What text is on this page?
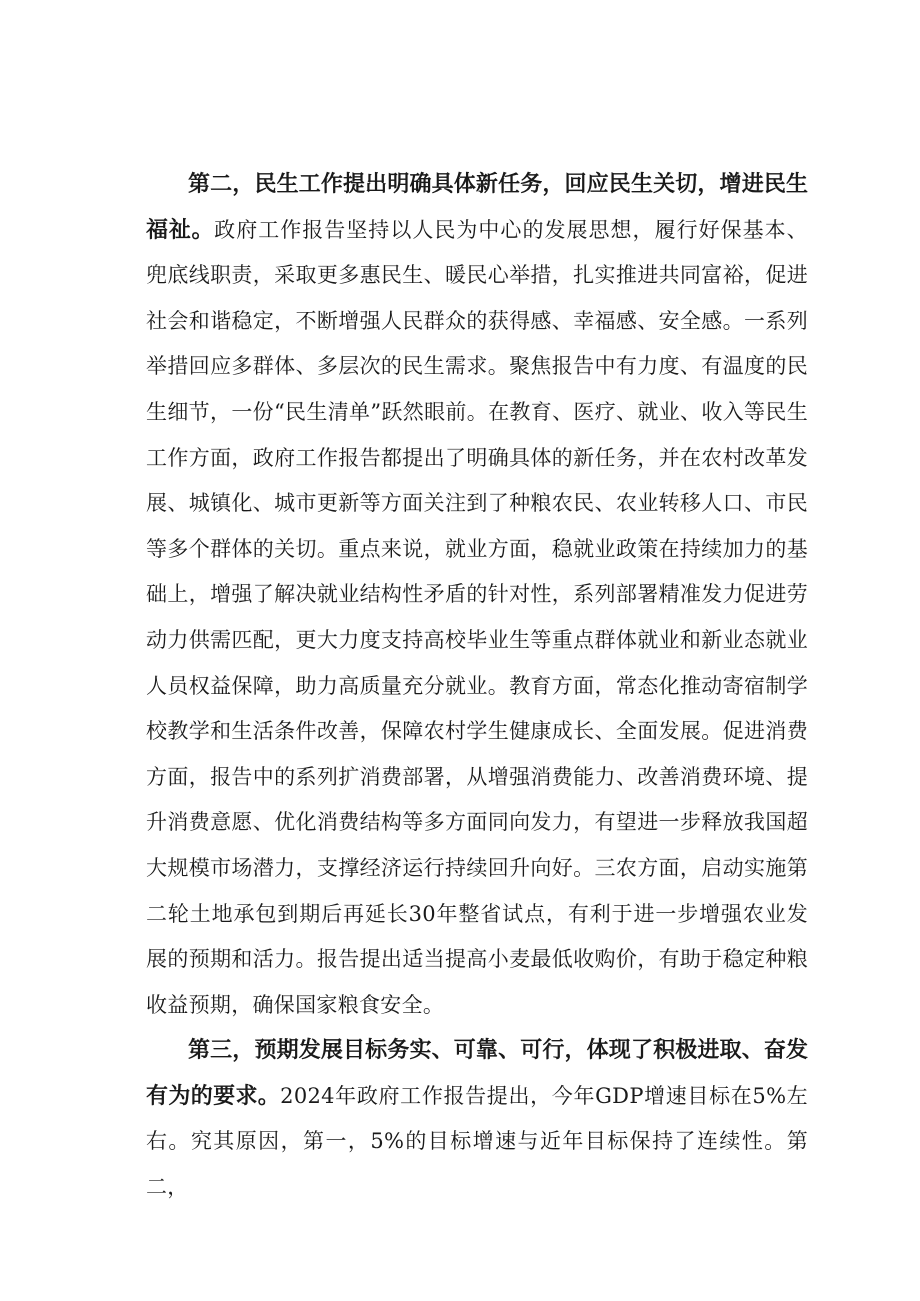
第二，民生工作提出明确具体新任务，回应民生关切，增进民生福祉。政府工作报告坚持以人民为中心的发展思想，履行好保基本、兜底线职责，采取更多惠民生、暖民心举措，扎实推进共同富裕，促进社会和谐稳定，不断增强人民群众的获得感、幸福感、安全感。一系列举措回应多群体、多层次的民生需求。聚焦报告中有力度、有温度的民生细节，一份“民生清单”跃然眼前。在教育、医疗、就业、收入等民生工作方面，政府工作报告都提出了明确具体的新任务，并在农村改革发展、城镇化、城市更新等方面关注到了种粮农民、农业转移人口、市民等多个群体的关切。重点来说，就业方面，稳就业政策在持续加力的基础上，增强了解决就业结构性矛盾的针对性，系列部署精准发力促进劳动力供需匹配，更大力度支持高校毕业生等重点群体就业和新业态就业人员权益保障，助力高质量充分就业。教育方面，常态化推动寄宿制学校教学和生活条件改善，保障农村学生健康成长、全面发展。促进消费方面，报告中的系列扩消费部署，从增强消费能力、改善消费环境、提升消费意愿、优化消费结构等多方面同向发力，有望进一步释放我国超大规模市场潜力，支撑经济运行持续回升向好。三农方面，启动实施第二轮土地承包到期后再延长30年整省试点，有利于进一步增强农业发展的预期和活力。报告提出适当提高小麦最低收购价，有助于稳定种粮收益预期，确保国家粮食安全。

第三，预期发展目标务实、可靠、可行，体现了积极进取、奋发有为的要求。2024年政府工作报告提出，今年GDP增速目标在5%左右。究其原因，第一，5%的目标增速与近年目标保持了连续性。第二，
